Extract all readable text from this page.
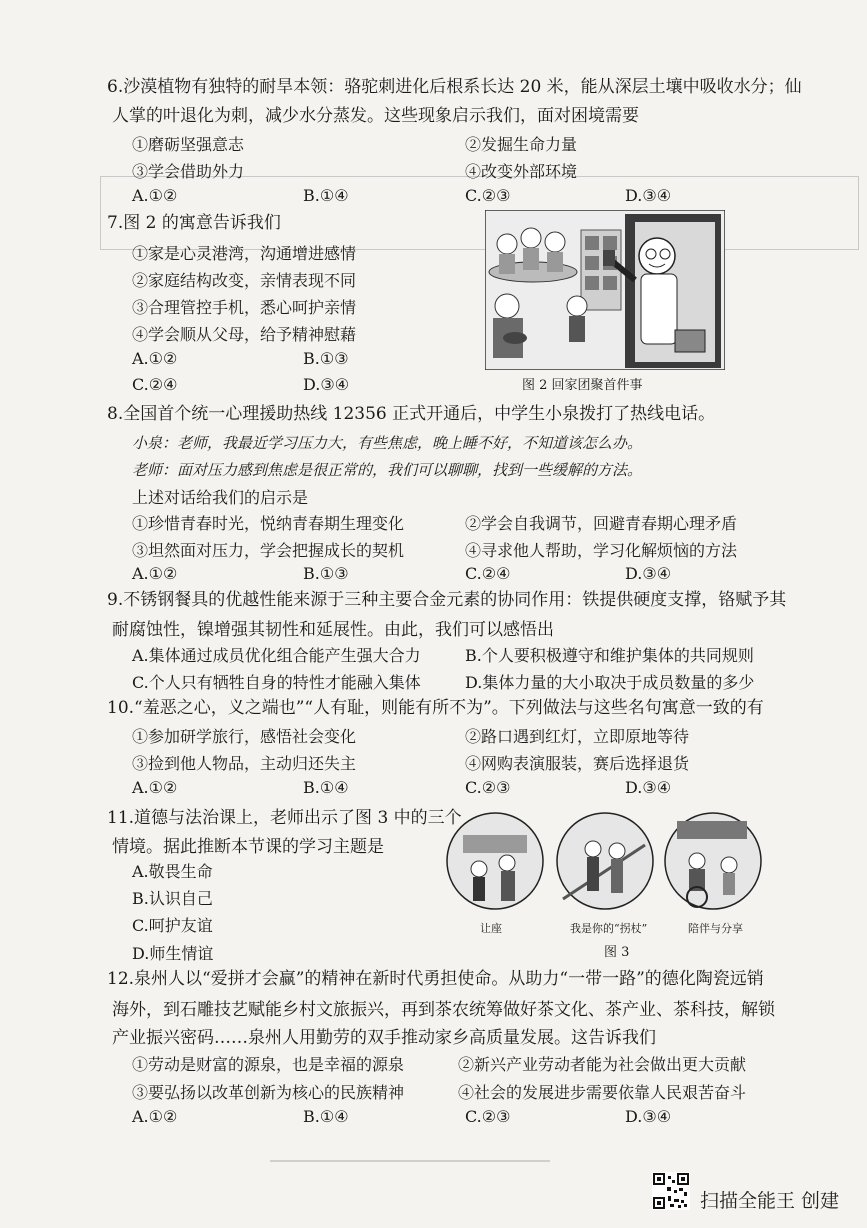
6.沙漠植物有独特的耐旱本领：骆驼刺进化后根系长达 20 米，能从深层土壤中吸收水分；仙
人掌的叶退化为刺，减少水分蒸发。这些现象启示我们，面对困境需要
①磨砺坚强意志	②发掘生命力量
③学会借助外力	④改变外部环境
A.①②	B.①④	C.②③	D.③④
7.图 2 的寓意告诉我们
①家是心灵港湾，沟通增进感情
②家庭结构改变，亲情表现不同
③合理管控手机，悉心呵护亲情
④学会顺从父母，给予精神慰藉
A.①②	B.①③
C.②④	D.③④	图 2 回家团聚首件事
8.全国首个统一心理援助热线 12356 正式开通后，中学生小泉拨打了热线电话。
小泉：老师，我最近学习压力大，有些焦虑，晚上睡不好，不知道该怎么办。
老师：面对压力感到焦虑是很正常的，我们可以聊聊，找到一些缓解的方法。
上述对话给我们的启示是
①珍惜青春时光，悦纳青春期生理变化	②学会自我调节，回避青春期心理矛盾
③坦然面对压力，学会把握成长的契机	④寻求他人帮助，学习化解烦恼的方法
A.①②	B.①③	C.②④	D.③④
9.不锈钢餐具的优越性能来源于三种主要合金元素的协同作用：铁提供硬度支撑，铬赋予其
耐腐蚀性，镍增强其韧性和延展性。由此，我们可以感悟出
A.集体通过成员优化组合能产生强大合力	B.个人要积极遵守和维护集体的共同规则
C.个人只有牺牲自身的特性才能融入集体	D.集体力量的大小取决于成员数量的多少
10.“羞恶之心，义之端也”“人有耻，则能有所不为”。下列做法与这些名句寓意一致的有
①参加研学旅行，感悟社会变化	②路口遇到红灯，立即原地等待
③捡到他人物品，主动归还失主	④网购表演服装，赛后选择退货
A.①②	B.①④	C.②③	D.③④
11.道德与法治课上，老师出示了图 3 中的三个
情境。据此推断本节课的学习主题是
A.敬畏生命
B.认识自己
C.呵护友谊
D.师生情谊
让座	我是你的“拐杖”	陪伴与分享
图 3
12.泉州人以“爱拼才会赢”的精神在新时代勇担使命。从助力“一带一路”的德化陶瓷远销
海外，到石雕技艺赋能乡村文旅振兴，再到茶农统筹做好茶文化、茶产业、茶科技，解锁
产业振兴密码……泉州人用勤劳的双手推动家乡高质量发展。这告诉我们
①劳动是财富的源泉，也是幸福的源泉	②新兴产业劳动者能为社会做出更大贡献
③要弘扬以改革创新为核心的民族精神	④社会的发展进步需要依靠人民艰苦奋斗
A.①②	B.①④	C.②③	D.③④
扫描全能王 创建
